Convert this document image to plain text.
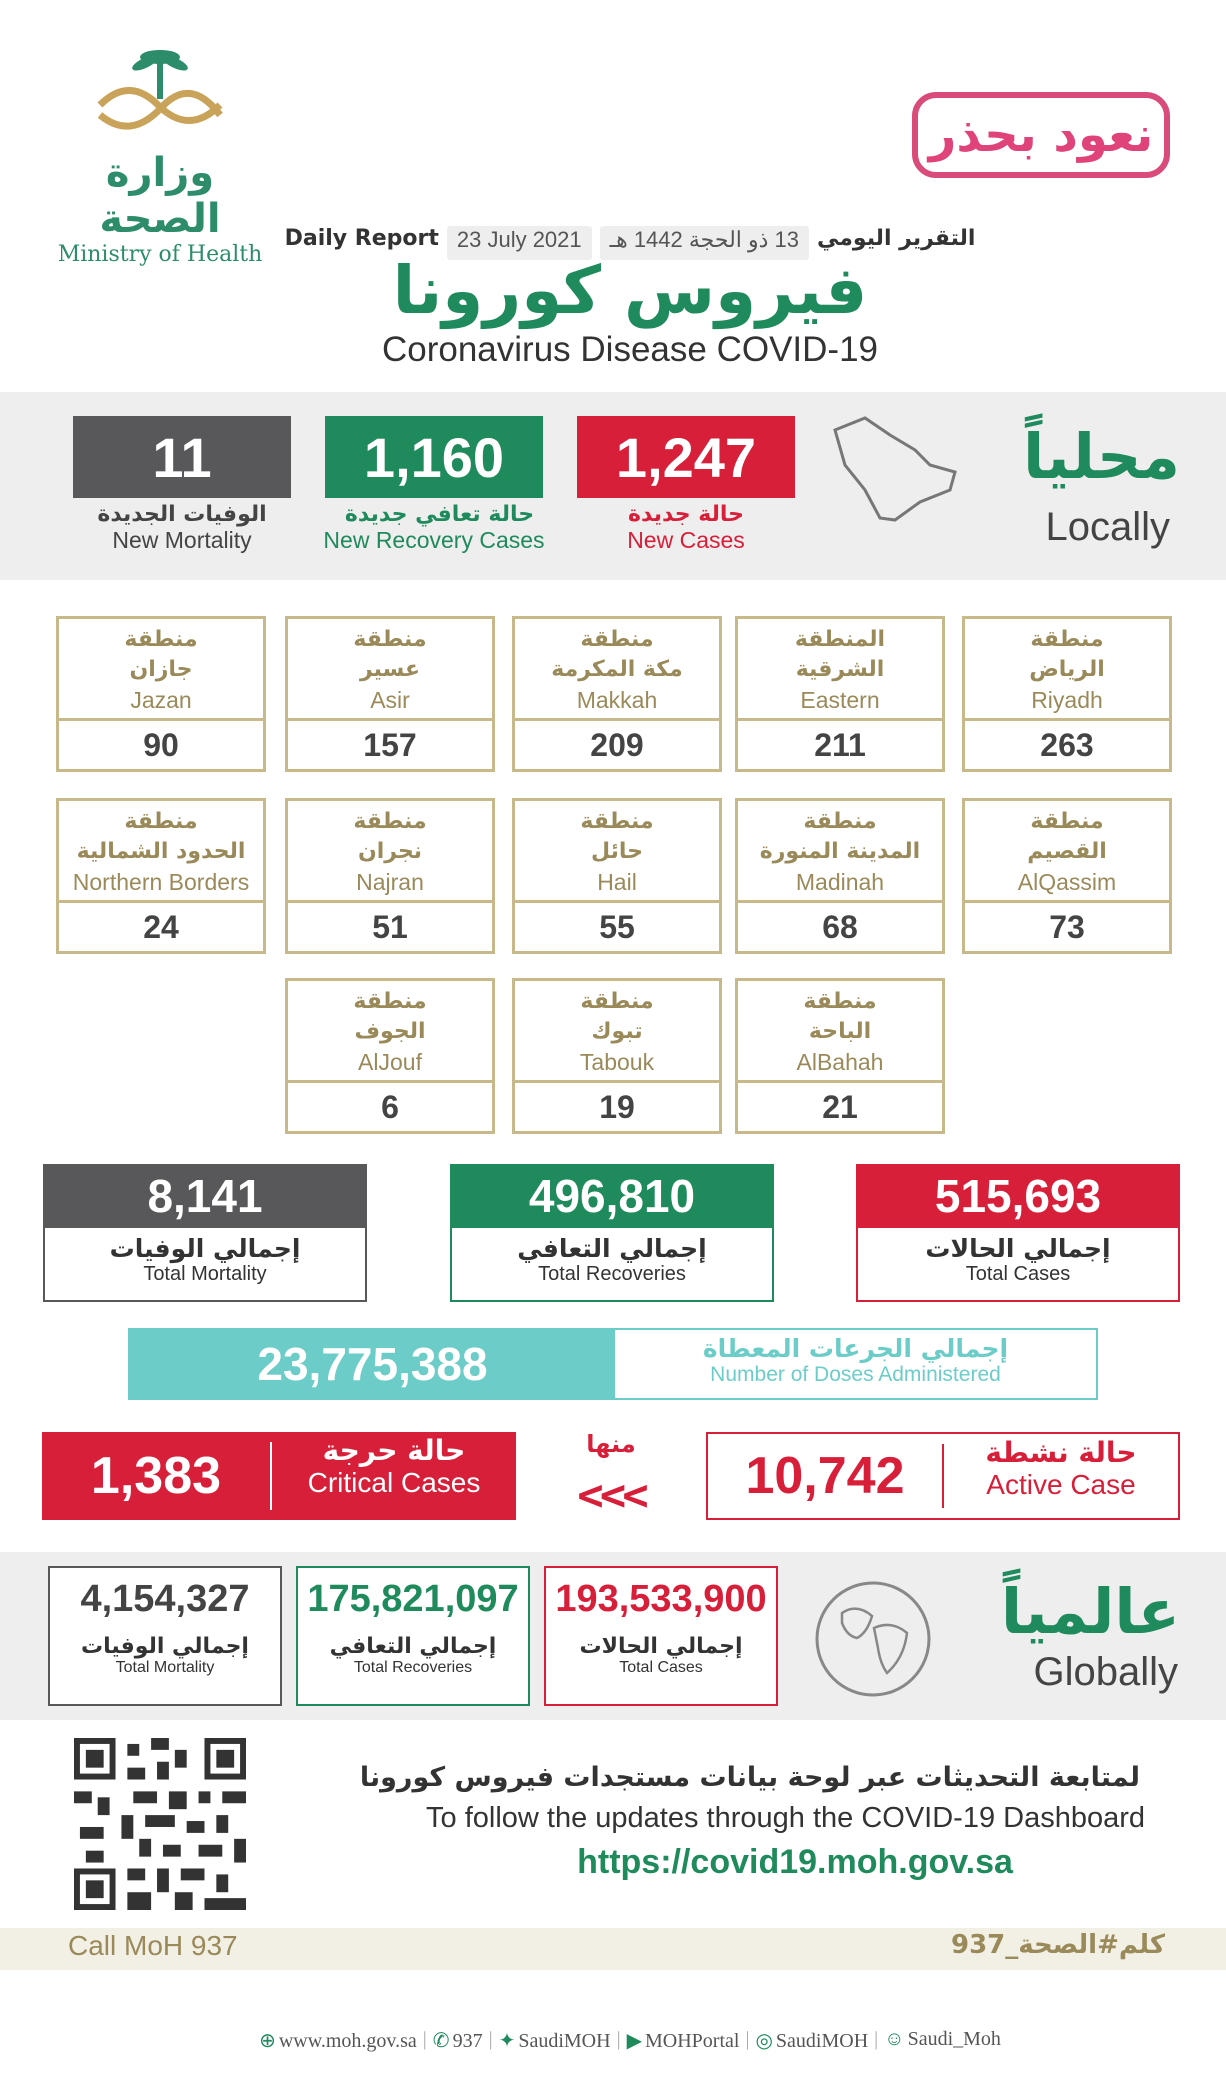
وزارة الصحة
Ministry of Health
نعود بحذر
Daily Report 23 July 2021	13 ذو الحجة 1442 هـ التقرير اليومي
فيروس كورونا
Coronavirus Disease COVID-19
1,247
حالة جديدة
New Cases
1,160
حالة تعافي جديدة
New Recovery Cases
11
الوفيات الجديدة
New Mortality
محلياً
Locally
منطقة
الرياض
Riyadh
263
المنطقة
الشرقية
Eastern
211
منطقة
مكة المكرمة
Makkah
209
منطقة
عسير
Asir
157
منطقة
جازان
Jazan
90
منطقة
القصيم
AlQassim
73
منطقة
المدينة المنورة
Madinah
68
منطقة
حائل
Hail
55
منطقة
نجران
Najran
51
منطقة
الحدود الشمالية
Northern Borders
24
منطقة
الباحة
AlBahah
21
منطقة
تبوك
Tabouk
19
منطقة
الجوف
AlJouf
6
515,693
إجمالي الحالات
Total Cases
496,810
إجمالي التعافي
Total Recoveries
8,141
إجمالي الوفيات
Total Mortality
23,775,388	إجمالي الجرعات المعطاة
Number of Doses Administered
1,383	حالة حرجة
Critical Cases
منها
<<<	10,742	حالة نشطة
Active Case
193,533,900
إجمالي الحالات
Total Cases
175,821,097
إجمالي التعافي
Total Recoveries
4,154,327
إجمالي الوفيات
Total Mortality
عالمياً
Globally
لمتابعة التحديثات عبر لوحة بيانات مستجدات فيروس كورونا
To follow the updates through the COVID-19 Dashboard
https://covid19.moh.gov.sa
Call MoH 937	كلم#الصحة_937
⊕ www.moh.gov.sa | ✆ 937 | ✦ SaudiMOH | ▶ MOHPortal | ◎ SaudiMOH | ☺ Saudi_Moh
